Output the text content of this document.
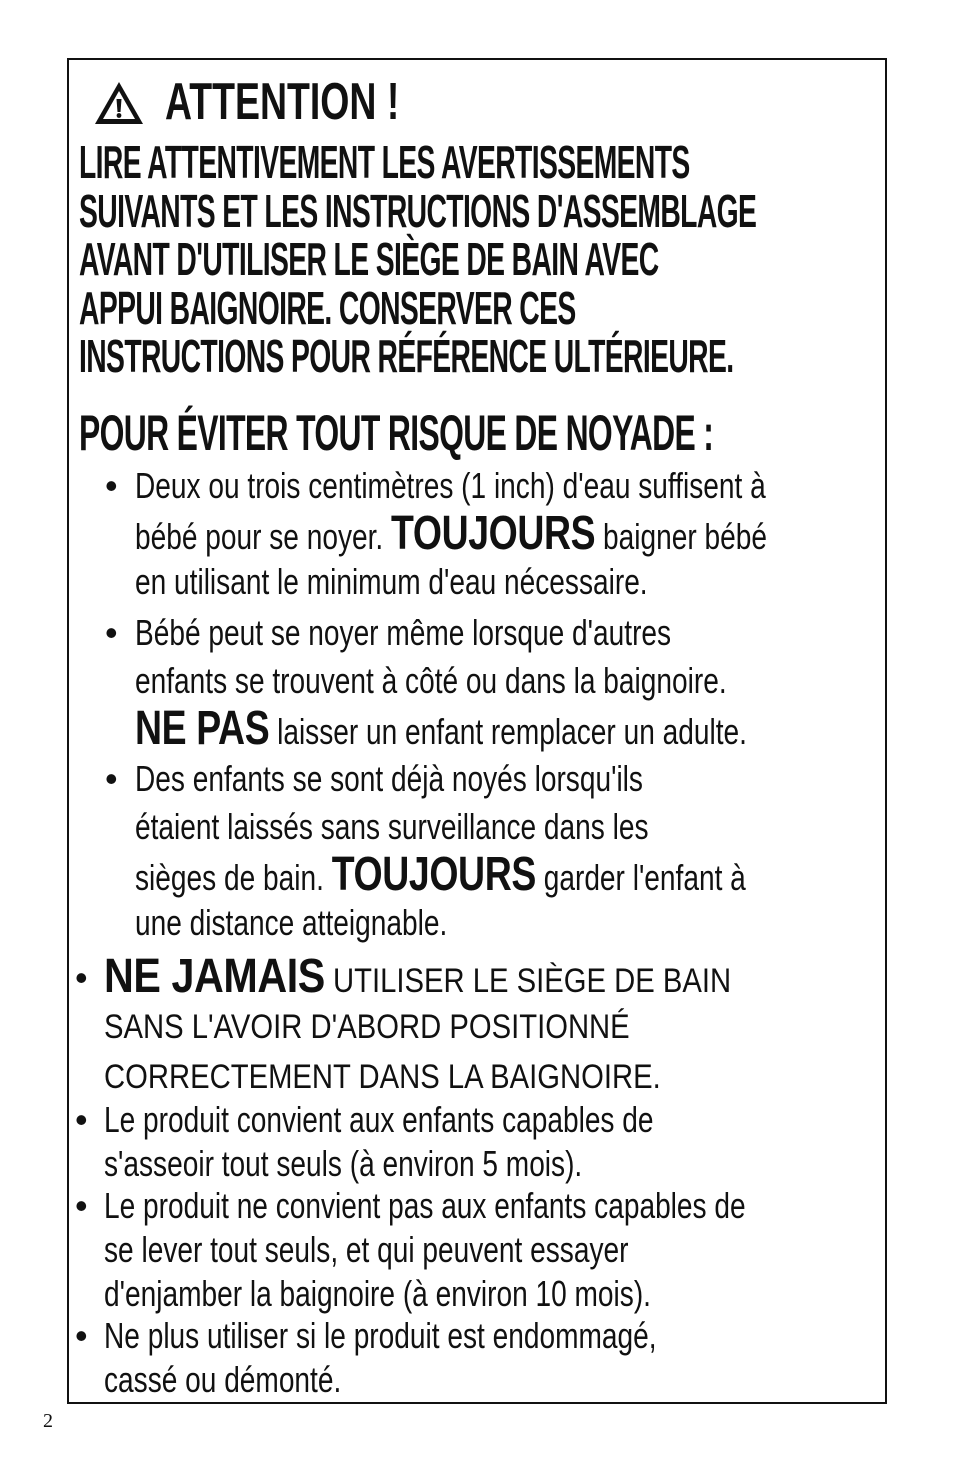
ATTENTION !
LIRE ATTENTIVEMENT LES AVERTISSEMENTS
SUIVANTS ET LES INSTRUCTIONS D'ASSEMBLAGE
AVANT D'UTILISER LE SIÈGE DE BAIN AVEC
APPUI BAIGNOIRE. CONSERVER CES
INSTRUCTIONS POUR RÉFÉRENCE ULTÉRIEURE.
POUR ÉVITER TOUT RISQUE DE NOYADE :
• Deux ou trois centimètres (1 inch) d'eau suffisent à
bébé pour se noyer. TOUJOURS baigner bébé
en utilisant le minimum d'eau nécessaire.
• Bébé peut se noyer même lorsque d'autres
enfants se trouvent à côté ou dans la baignoire.
NE PAS laisser un enfant remplacer un adulte.
• Des enfants se sont déjà noyés lorsqu'ils
étaient laissés sans surveillance dans les
sièges de bain. TOUJOURS garder l'enfant à
une distance atteignable.
• NE JAMAIS UTILISER LE SIÈGE DE BAIN
SANS L'AVOIR D'ABORD POSITIONNÉ
CORRECTEMENT DANS LA BAIGNOIRE.
• Le produit convient aux enfants capables de
s'asseoir tout seuls (à environ 5 mois).
• Le produit ne convient pas aux enfants capables de
se lever tout seuls, et qui peuvent essayer
d'enjamber la baignoire (à environ 10 mois).
• Ne plus utiliser si le produit est endommagé,
cassé ou démonté.
2
